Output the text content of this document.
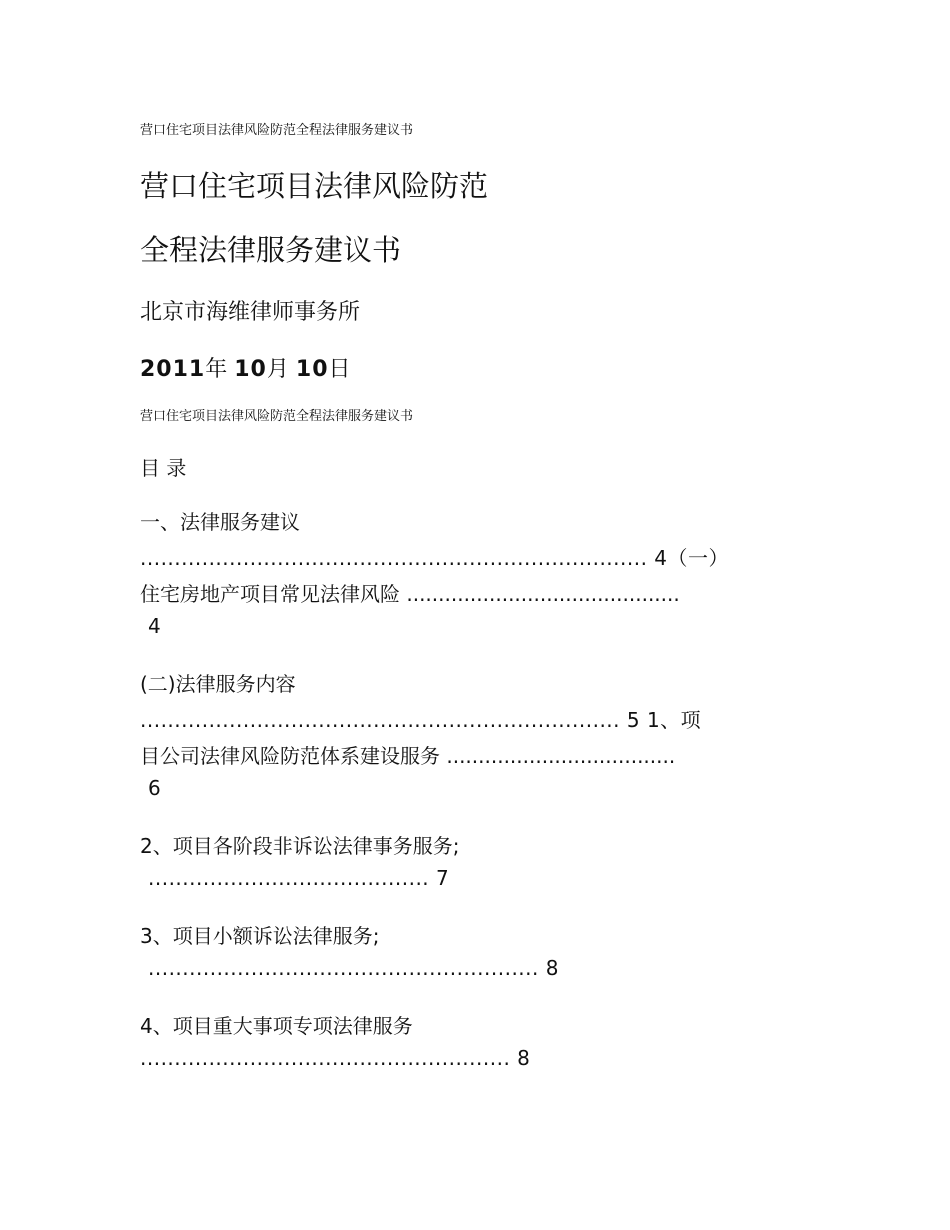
营口住宅项目法律风险防范全程法律服务建议书
营口住宅项目法律风险防范
全程法律服务建议书
北京市海维律师事务所
2011年 10月 10日
营口住宅项目法律风险防范全程法律服务建议书
目 录
一、法律服务建议
.......................................................................... 4（一）
住宅房地产项目常见法律风险 ...........................................
4
(二)法律服务内容
...................................................................... 5 1、项
目公司法律风险防范体系建设服务 ....................................
6
2、项目各阶段非诉讼法律事务服务;
......................................... 7
3、项目小额诉讼法律服务;
......................................................... 8
4、项目重大事项专项法律服务
...................................................... 8
